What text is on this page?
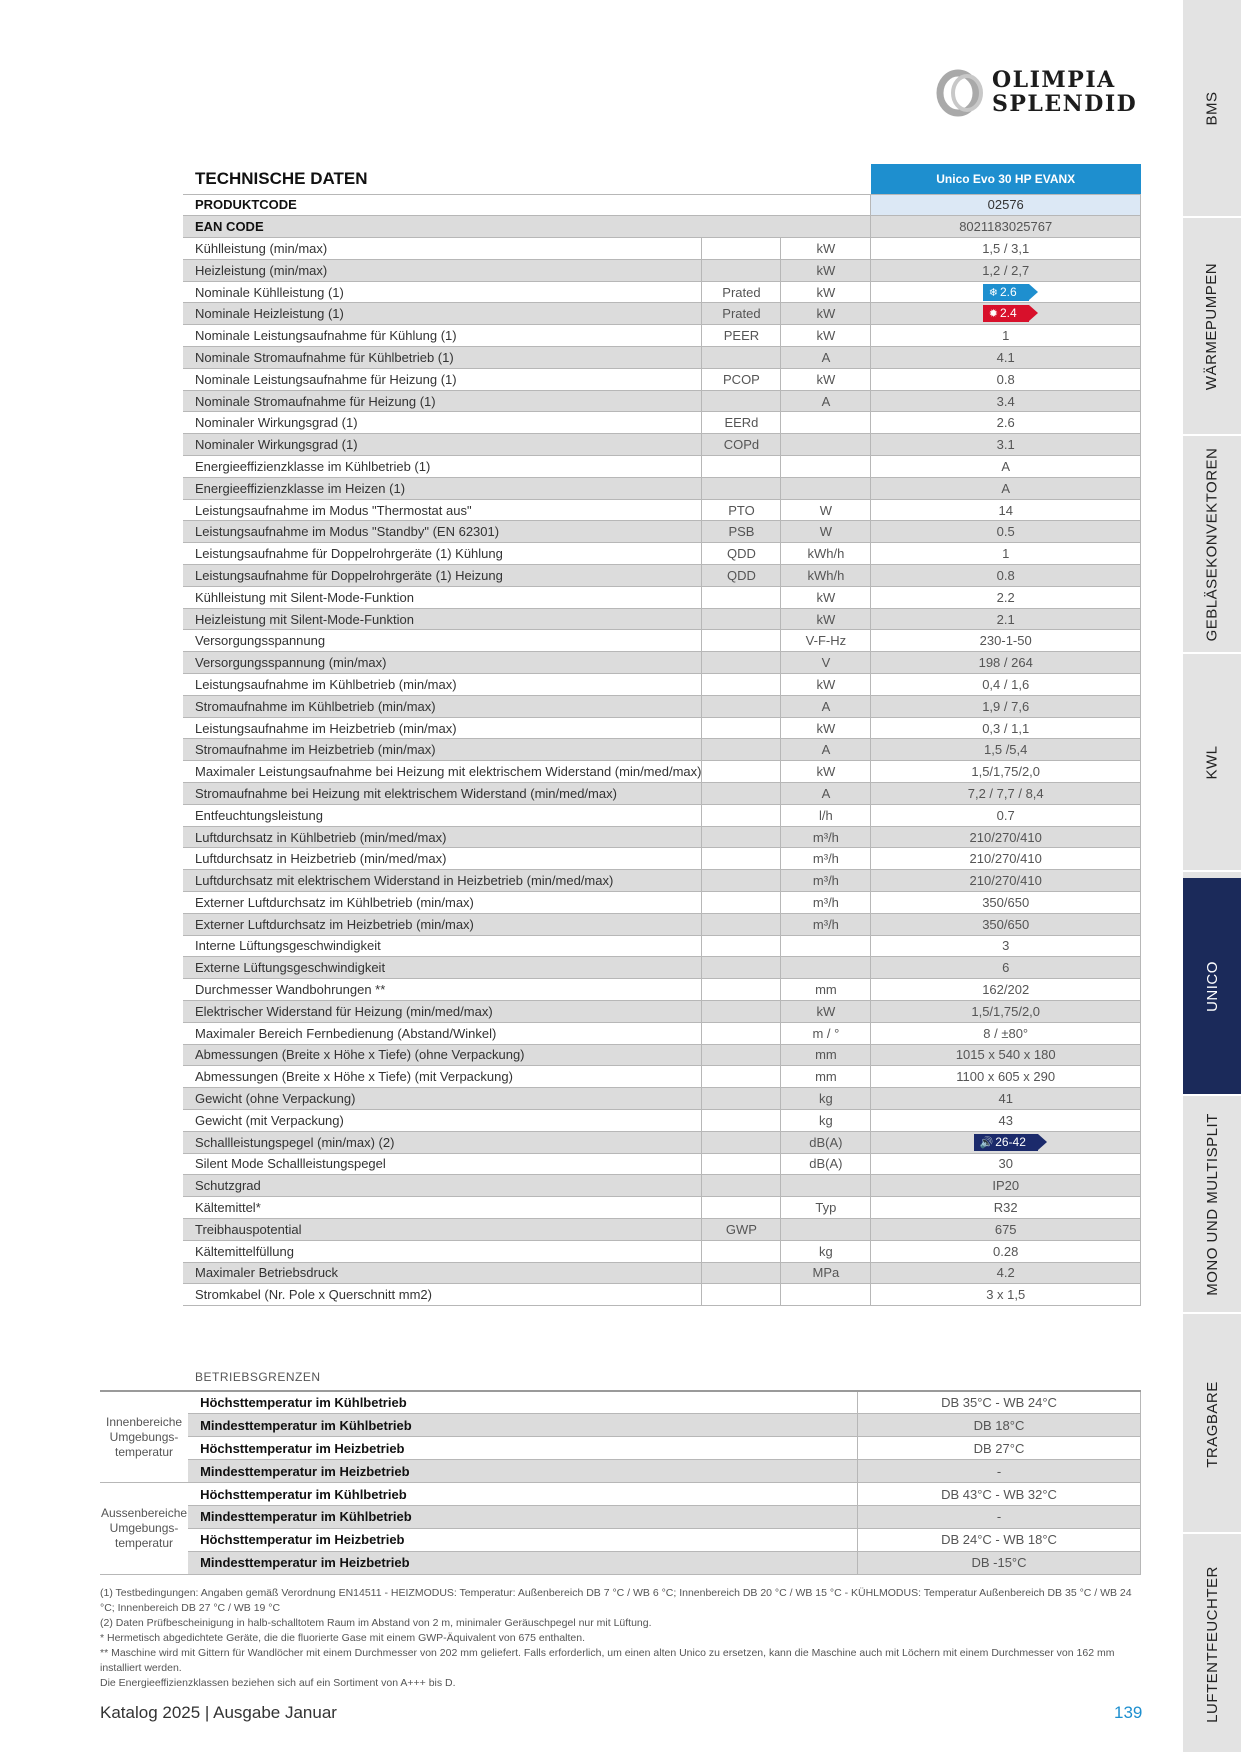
OLIMPIA
SPLENDID
TECHNISCHE DATEN			Unico Evo 30 HP EVANX
PRODUKTCODE			02576
EAN CODE			8021183025767
Kühlleistung (min/max)		kW	1,5 / 3,1
Heizleistung (min/max)		kW	1,2 / 2,7
Nominale Kühlleistung (1)	Prated	kW	❄ 2.6
Nominale Heizleistung (1)	Prated	kW	✹ 2.4
Nominale Leistungsaufnahme für Kühlung (1)	PEER	kW	1
Nominale Stromaufnahme für Kühlbetrieb (1)		A	4.1
Nominale Leistungsaufnahme für Heizung (1)	PCOP	kW	0.8
Nominale Stromaufnahme für Heizung (1)		A	3.4
Nominaler Wirkungsgrad (1)	EERd		2.6
Nominaler Wirkungsgrad (1)	COPd		3.1
Energieeffizienzklasse im Kühlbetrieb (1)			A
Energieeffizienzklasse im Heizen (1)			A
Leistungsaufnahme im Modus "Thermostat aus"	PTO	W	14
Leistungsaufnahme im Modus "Standby" (EN 62301)	PSB	W	0.5
Leistungsaufnahme für Doppelrohrgeräte (1) Kühlung	QDD	kWh/h	1
Leistungsaufnahme für Doppelrohrgeräte (1) Heizung	QDD	kWh/h	0.8
Kühlleistung mit Silent-Mode-Funktion		kW	2.2
Heizleistung mit Silent-Mode-Funktion		kW	2.1
Versorgungsspannung		V-F-Hz	230-1-50
Versorgungsspannung (min/max)		V	198 / 264
Leistungsaufnahme im Kühlbetrieb (min/max)		kW	0,4 / 1,6
Stromaufnahme im Kühlbetrieb (min/max)		A	1,9 / 7,6
Leistungsaufnahme im Heizbetrieb (min/max)		kW	0,3 / 1,1
Stromaufnahme im Heizbetrieb (min/max)		A	1,5 /5,4
Maximaler Leistungsaufnahme bei Heizung mit elektrischem Widerstand (min/med/max)		kW	1,5/1,75/2,0
Stromaufnahme bei Heizung mit elektrischem Widerstand (min/med/max)		A	7,2 / 7,7 / 8,4
Entfeuchtungsleistung		l/h	0.7
Luftdurchsatz in Kühlbetrieb (min/med/max)		m³/h	210/270/410
Luftdurchsatz in Heizbetrieb (min/med/max)		m³/h	210/270/410
Luftdurchsatz mit elektrischem Widerstand in Heizbetrieb (min/med/max)		m³/h	210/270/410
Externer Luftdurchsatz im Kühlbetrieb (min/max)		m³/h	350/650
Externer Luftdurchsatz im Heizbetrieb (min/max)		m³/h	350/650
Interne Lüftungsgeschwindigkeit			3
Externe Lüftungsgeschwindigkeit			6
Durchmesser Wandbohrungen **		mm	162/202
Elektrischer Widerstand für Heizung (min/med/max)		kW	1,5/1,75/2,0
Maximaler Bereich Fernbedienung (Abstand/Winkel)		m / °	8 / ±80°
Abmessungen (Breite x Höhe x Tiefe) (ohne Verpackung)		mm	1015 x 540 x 180
Abmessungen (Breite x Höhe x Tiefe) (mit Verpackung)		mm	1100 x 605 x 290
Gewicht (ohne Verpackung)		kg	41
Gewicht (mit Verpackung)		kg	43
Schallleistungspegel (min/max) (2)		dB(A)	🔊 26-42
Silent Mode Schallleistungspegel		dB(A)	30
Schutzgrad			IP20
Kältemittel*		Typ	R32
Treibhauspotential	GWP		675
Kältemittelfüllung		kg	0.28
Maximaler Betriebsdruck		MPa	4.2
Stromkabel (Nr. Pole x Querschnitt mm2)			3 x 1,5
BETRIEBSGRENZEN
Innenbereiche Umgebungs-temperatur	Höchsttemperatur im Kühlbetrieb	DB 35°C - WB 24°C
	Mindesttemperatur im Kühlbetrieb	DB 18°C
	Höchsttemperatur im Heizbetrieb	DB 27°C
	Mindesttemperatur im Heizbetrieb	-
Aussenbereiche Umgebungs-temperatur	Höchsttemperatur im Kühlbetrieb	DB 43°C - WB 32°C
	Mindesttemperatur im Kühlbetrieb	-
	Höchsttemperatur im Heizbetrieb	DB 24°C - WB 18°C
	Mindesttemperatur im Heizbetrieb	DB -15°C
(1) Testbedingungen: Angaben gemäß Verordnung EN14511 - HEIZMODUS: Temperatur: Außenbereich DB 7 °C / WB 6 °C; Innenbereich DB 20 °C / WB 15 °C - KÜHLMODUS: Temperatur Außenbereich DB 35 °C / WB 24 °C; Innenbereich DB 27 °C / WB 19 °C
(2) Daten Prüfbescheinigung in halb-schalltotem Raum im Abstand von 2 m, minimaler Geräuschpegel nur mit Lüftung.
* Hermetisch abgedichtete Geräte, die die fluorierte Gase mit einem GWP-Äquivalent von 675 enthalten.
** Maschine wird mit Gittern für Wandlöcher mit einem Durchmesser von 202 mm geliefert. Falls erforderlich, um einen alten Unico zu ersetzen, kann die Maschine auch mit Löchern mit einem Durchmesser von 162 mm installiert werden.
Die Energieeffizienzklassen beziehen sich auf ein Sortiment von A+++ bis D.
Katalog 2025 | Ausgabe Januar	139
BMS
WÄRMEPUMPEN
GEBLÄSEKONVEKTOREN
KWL
UNICO
MONO UND MULTISPLIT
TRAGBARE
LUFTENTFEUCHTER
